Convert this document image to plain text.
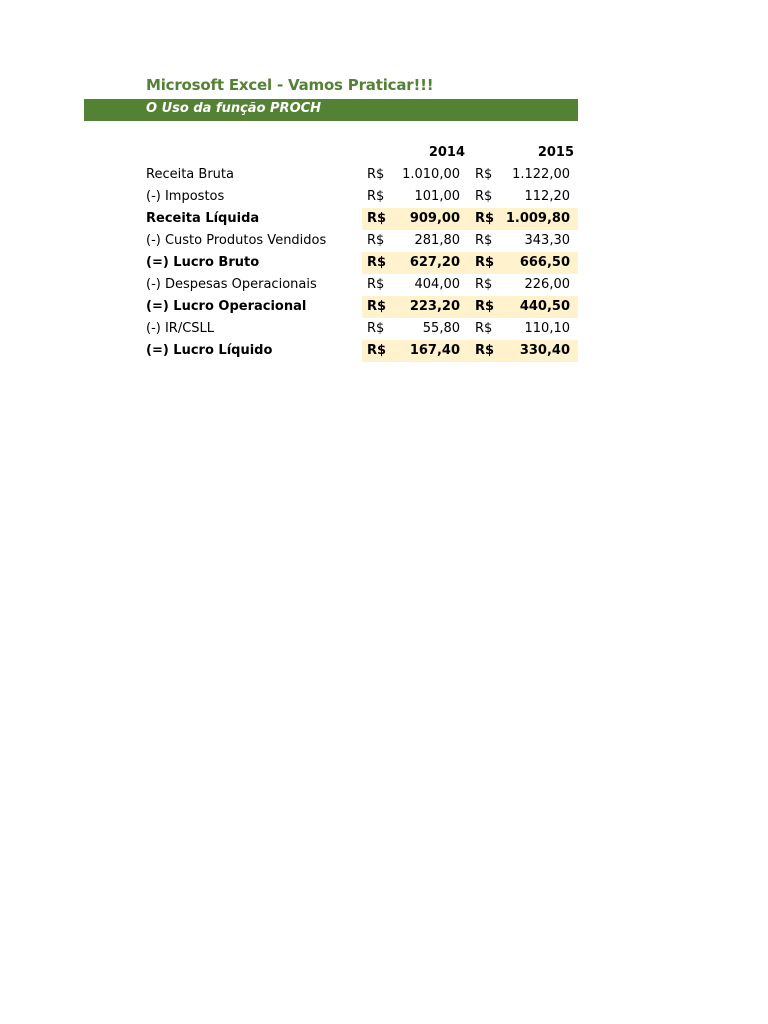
Microsoft Excel - Vamos Praticar!!!
O Uso da função PROCH
2014	2015
Receita Bruta	R$ 1.010,00 R$ 1.122,00
(-) Impostos	R$ 101,00 R$ 112,20
Receita Líquida	R$ 909,00 R$ 1.009,80
(-) Custo Produtos Vendidos	R$ 281,80 R$ 343,30
(=) Lucro Bruto	R$ 627,20 R$ 666,50
(-) Despesas Operacionais	R$ 404,00 R$ 226,00
(=) Lucro Operacional	R$ 223,20 R$ 440,50
(-) IR/CSLL	R$	55,80 R$ 110,10
(=) Lucro Líquido	R$ 167,40 R$ 330,40
